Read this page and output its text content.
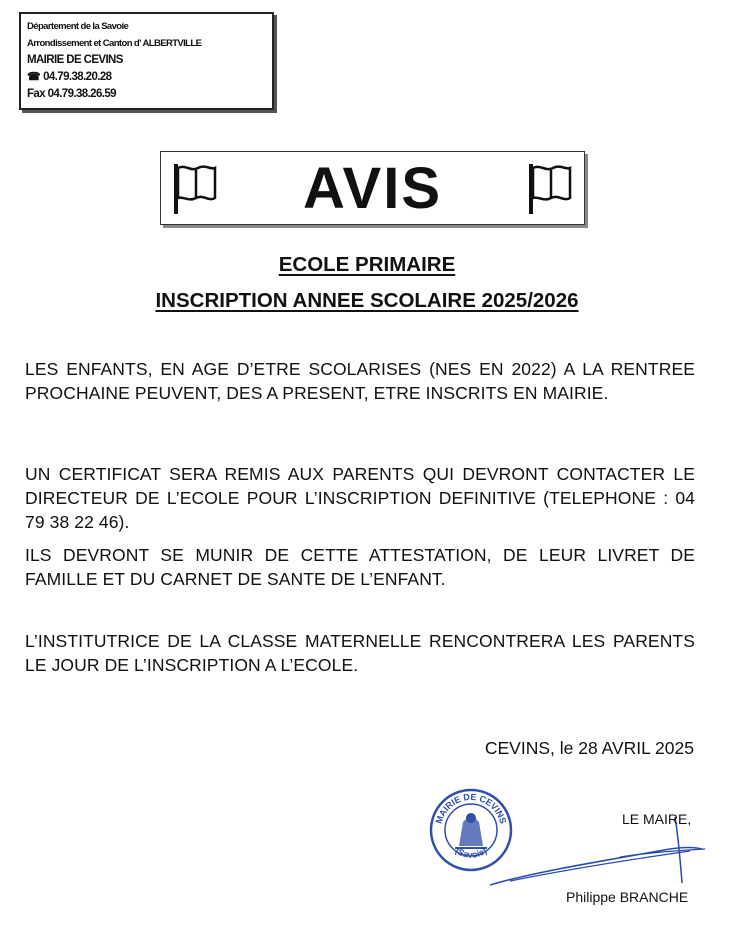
Département de la Savoie
Arrondissement et Canton d' ALBERTVILLE
MAIRIE DE CEVINS
☎ 04.79.38.20.28
Fax 04.79.38.26.59
AVIS
ECOLE PRIMAIRE
INSCRIPTION ANNEE SCOLAIRE 2025/2026
LES ENFANTS, EN AGE D’ETRE SCOLARISES (NES EN 2022) A LA RENTREE PROCHAINE PEUVENT, DES A PRESENT, ETRE INSCRITS EN MAIRIE.
UN CERTIFICAT SERA REMIS AUX PARENTS QUI DEVRONT CONTACTER LE DIRECTEUR DE L’ECOLE POUR L’INSCRIPTION DEFINITIVE (TELEPHONE : 04 79 38 22 46).
ILS DEVRONT SE MUNIR DE CETTE ATTESTATION, DE LEUR LIVRET DE FAMILLE ET DU CARNET DE SANTE DE L’ENFANT.
L’INSTITUTRICE DE LA CLASSE MATERNELLE RENCONTRERA LES PARENTS LE JOUR DE L’INSCRIPTION A L’ECOLE.
CEVINS, le 28 AVRIL 2025
MAIRIE DE CEVINS
(Savoie)
LE MAIRE,
Philippe BRANCHE
